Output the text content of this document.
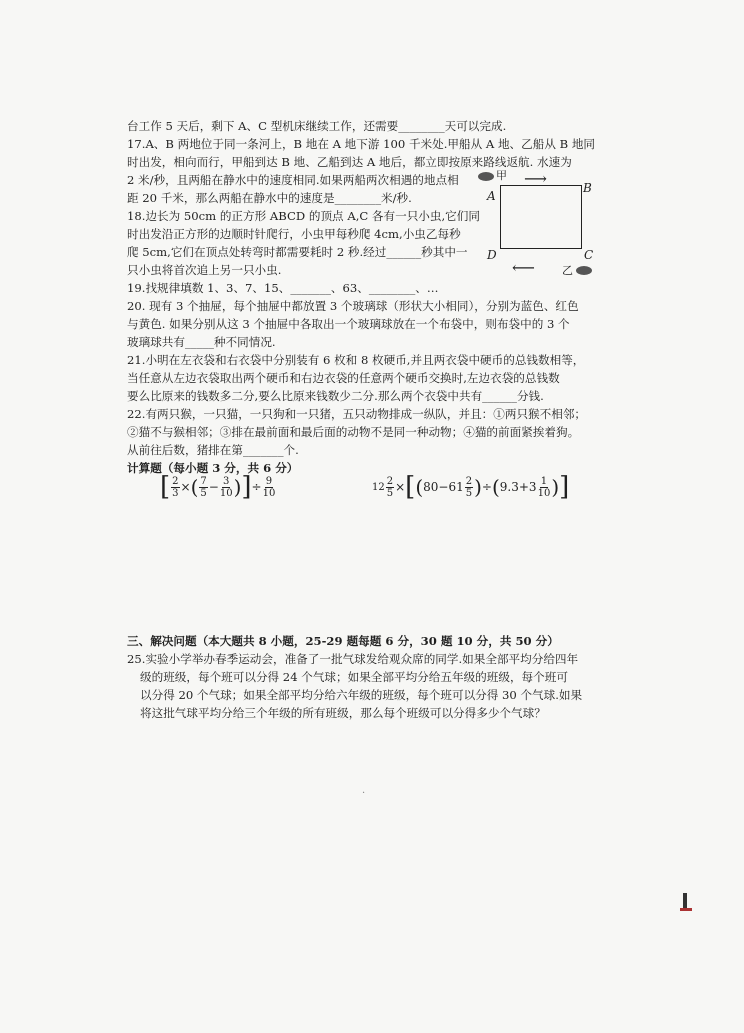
台工作 5 天后，剩下 A、C 型机床继续工作，还需要________天可以完成.
17.A、B 两地位于同一条河上，B 地在 A 地下游 100 千米处.甲船从 A 地、乙船从 B 地同
时出发，相向而行，甲船到达 B 地、乙船到达 A 地后，都立即按原来路线返航. 水速为
2 米/秒，且两船在静水中的速度相同.如果两船两次相遇的地点相
距 20 千米，那么两船在静水中的速度是________米/秒.
18.边长为 50cm 的正方形 ABCD 的顶点 A,C 各有一只小虫,它们同
时出发沿正方形的边顺时针爬行，小虫甲每秒爬 4cm,小虫乙每秒
爬 5cm,它们在顶点处转弯时都需要耗时 2 秒.经过______秒其中一
只小虫将首次追上另一只小虫.
19.找规律填数 1、3、7、15、_______、63、________、…
20. 现有 3 个抽屉，每个抽屉中都放置 3 个玻璃球（形状大小相同），分别为蓝色、红色
与黄色. 如果分别从这 3 个抽屉中各取出一个玻璃球放在一个布袋中，则布袋中的 3 个
玻璃球共有_____种不同情况.
21.小明在左衣袋和右衣袋中分别装有 6 枚和 8 枚硬币,并且两衣袋中硬币的总钱数相等，
当任意从左边衣袋取出两个硬币和右边衣袋的任意两个硬币交换时,左边衣袋的总钱数
要么比原来的钱数多二分,要么比原来钱数少二分.那么两个衣袋中共有______分钱.
22.有两只猴，一只猫，一只狗和一只猪，五只动物排成一纵队，并且：①两只猴不相邻；
②猫不与猴相邻；③排在最前面和最后面的动物不是同一种动物；④猫的前面紧挨着狗。
从前往后数，猪排在第_______个.
计算题（每小题 3 分，共 6 分）
A
B
C
D
甲 ⟶
⟵ 乙
[ $\frac{2}{3}$ × ( $\frac{7}{5} - \frac{3}{10}$ ) ] ÷ $\frac{9}{10}$	$12 \frac{2}{5}$ × [ ( $80-61 \frac{2}{5}$ ) ÷ ( $9.3+3 \frac{1}{10}$ ) ]
三、解决问题（本大题共 8 小题，25-29 题每题 6 分，30 题 10 分，共 50 分）
25.实验小学举办春季运动会，准备了一批气球发给观众席的同学.如果全部平均分给四年
级的班级，每个班可以分得 24 个气球；如果全部平均分给五年级的班级，每个班可
以分得 20 个气球；如果全部平均分给六年级的班级，每个班可以分得 30 个气球.如果
将这批气球平均分给三个年级的所有班级，那么每个班级可以分得多少个气球？
·
